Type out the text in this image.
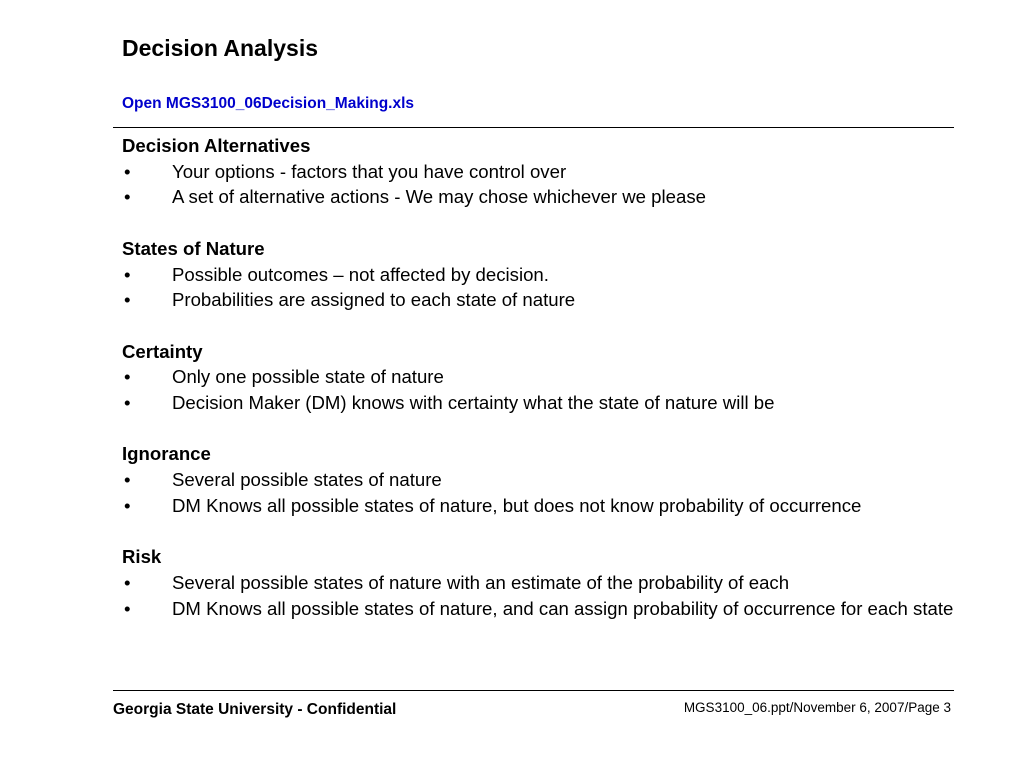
Decision Analysis
Open MGS3100_06Decision_Making.xls

Decision Alternatives

•	Your options - factors that you have control over
•	A set of alternative actions - We may chose whichever we please

States of Nature

•	Possible outcomes – not affected by decision.
•	Probabilities are assigned to each state of nature

Certainty

•	Only one possible state of nature
•	Decision Maker (DM) knows with certainty what the state of nature will be

Ignorance

•	Several possible states of nature
•	DM Knows all possible states of nature, but does not know probability of occurrence

Risk

•	Several possible states of nature with an estimate of the probability of each
•	DM Knows all possible states of nature, and can assign probability of occurrence for each state
Georgia State University - Confidential	MGS3100_06.ppt/November 6, 2007/Page 3
